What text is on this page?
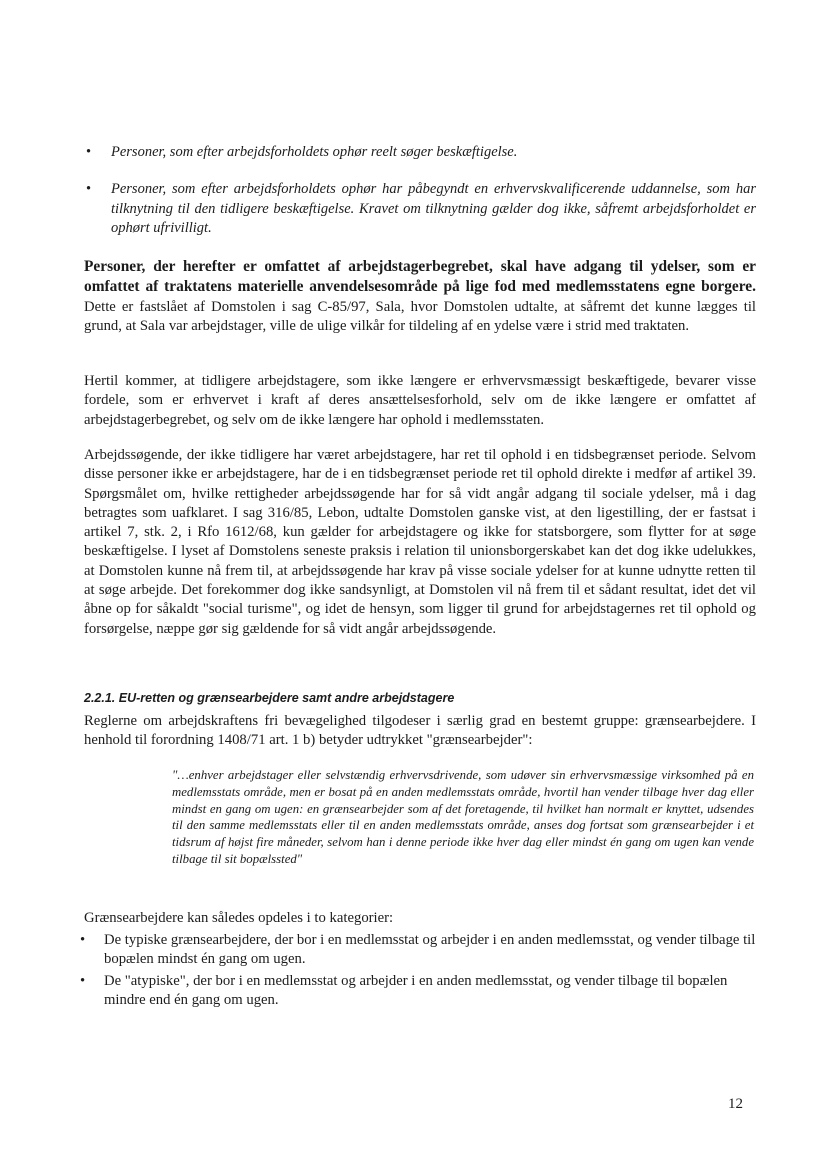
• Personer, som efter arbejdsforholdets ophør reelt søger beskæftigelse.

• Personer, som efter arbejdsforholdets ophør har påbegyndt en erhvervskvalificerende uddannelse, som har tilknytning til den tidligere beskæftigelse. Kravet om tilknytning gælder dog ikke, såfremt arbejdsforholdet er ophørt ufrivilligt.

Personer, der herefter er omfattet af arbejdstagerbegrebet, skal have adgang til ydelser, som er omfattet af traktatens materielle anvendelsesområde på lige fod med medlemsstatens egne borgere. Dette er fastslået af Domstolen i sag C-85/97, Sala, hvor Domstolen udtalte, at såfremt det kunne lægges til grund, at Sala var arbejdstager, ville de ulige vilkår for tildeling af en ydelse være i strid med traktaten.

Hertil kommer, at tidligere arbejdstagere, som ikke længere er erhvervsmæssigt beskæftigede, bevarer visse fordele, som er erhvervet i kraft af deres ansættelsesforhold, selv om de ikke længere er omfattet af arbejdstagerbegrebet, og selv om de ikke længere har ophold i medlemsstaten.

Arbejdssøgende, der ikke tidligere har været arbejdstagere, har ret til ophold i en tidsbegrænset periode. Selvom disse personer ikke er arbejdstagere, har de i en tidsbegrænset periode ret til ophold direkte i medfør af artikel 39. Spørgsmålet om, hvilke rettigheder arbejdssøgende har for så vidt angår adgang til sociale ydelser, må i dag betragtes som uafklaret. I sag 316/85, Lebon, udtalte Domstolen ganske vist, at den ligestilling, der er fastsat i artikel 7, stk. 2, i Rfo 1612/68, kun gælder for arbejdstagere og ikke for statsborgere, som flytter for at søge beskæftigelse. I lyset af Domstolens seneste praksis i relation til unionsborgerskabet kan det dog ikke udelukkes, at Domstolen kunne nå frem til, at arbejdssøgende har krav på visse sociale ydelser for at kunne udnytte retten til at søge arbejde. Det forekommer dog ikke sandsynligt, at Domstolen vil nå frem til et sådant resultat, idet det vil åbne op for såkaldt "social turisme", og idet de hensyn, som ligger til grund for arbejdstagernes ret til ophold og forsørgelse, næppe gør sig gældende for så vidt angår arbejdssøgende.

2.2.1. EU-retten og grænsearbejdere samt andre arbejdstagere

Reglerne om arbejdskraftens fri bevægelighed tilgodeser i særlig grad en bestemt gruppe: grænsearbejdere. I henhold til forordning 1408/71 art. 1 b) betyder udtrykket "grænsearbejder":

"…enhver arbejdstager eller selvstændig erhvervsdrivende, som udøver sin erhvervsmæssige virksomhed på en medlemsstats område, men er bosat på en anden medlemsstats område, hvortil han vender tilbage hver dag eller mindst en gang om ugen: en grænsearbejder som af det foretagende, til hvilket han normalt er knyttet, udsendes til den samme medlemsstats eller til en anden medlemsstats område, anses dog fortsat som grænsearbejder i et tidsrum af højst fire måneder, selvom han i denne periode ikke hver dag eller mindst én gang om ugen kan vende tilbage til sit bopælssted"

Grænsearbejdere kan således opdeles i to kategorier:

• De typiske grænsearbejdere, der bor i en medlemsstat og arbejder i en anden medlemsstat, og vender tilbage til bopælen mindst én gang om ugen.

• De "atypiske", der bor i en medlemsstat og arbejder i en anden medlemsstat, og vender tilbage til bopælen mindre end én gang om ugen.

12
